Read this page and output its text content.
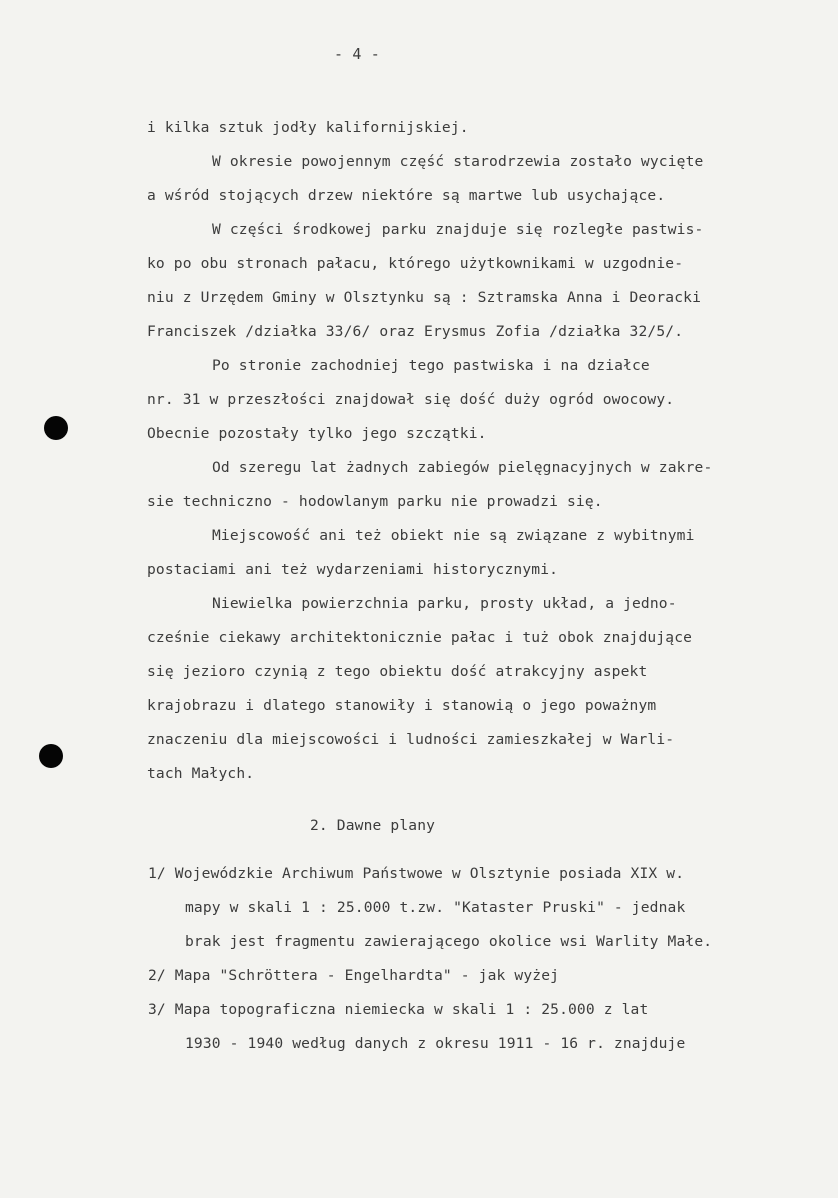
- 4 -
i kilka sztuk jodły kalifornijskiej.
W okresie powojennym część starodrzewia zostało wycięte
a wśród stojących drzew niektóre są martwe lub usychające.
W części środkowej parku znajduje się rozległe pastwis-
ko po obu stronach pałacu, którego użytkownikami w uzgodnie-
niu z Urzędem Gminy w Olsztynku są : Sztramska Anna i Deoracki
Franciszek /działka 33/6/ oraz Erysmus Zofia /działka 32/5/.
Po stronie zachodniej tego pastwiska i na działce
nr. 31 w przeszłości znajdował się dość duży ogród owocowy.
Obecnie pozostały tylko jego szczątki.
Od szeregu lat żadnych zabiegów pielęgnacyjnych w zakre-
sie techniczno - hodowlanym parku nie prowadzi się.
Miejscowość ani też obiekt nie są związane z wybitnymi
postaciami ani też wydarzeniami historycznymi.
Niewielka powierzchnia parku, prosty układ, a jedno-
cześnie ciekawy architektonicznie pałac i tuż obok znajdujące
się jezioro czynią z tego obiektu dość atrakcyjny aspekt
krajobrazu i dlatego stanowiły i stanowią o jego poważnym
znaczeniu dla miejscowości i ludności zamieszkałej w Warli-
tach Małych.
2. Dawne plany
1/ Wojewódzkie Archiwum Państwowe w Olsztynie posiada XIX w.
mapy w skali 1 : 25.000 t.zw. "Kataster Pruski" - jednak
brak jest fragmentu zawierającego okolice wsi Warlity Małe.
2/ Mapa "Schröttera - Engelhardta" - jak wyżej
3/ Mapa topograficzna niemiecka w skali 1 : 25.000 z lat
1930 - 1940 według danych z okresu 1911 - 16 r. znajduje
